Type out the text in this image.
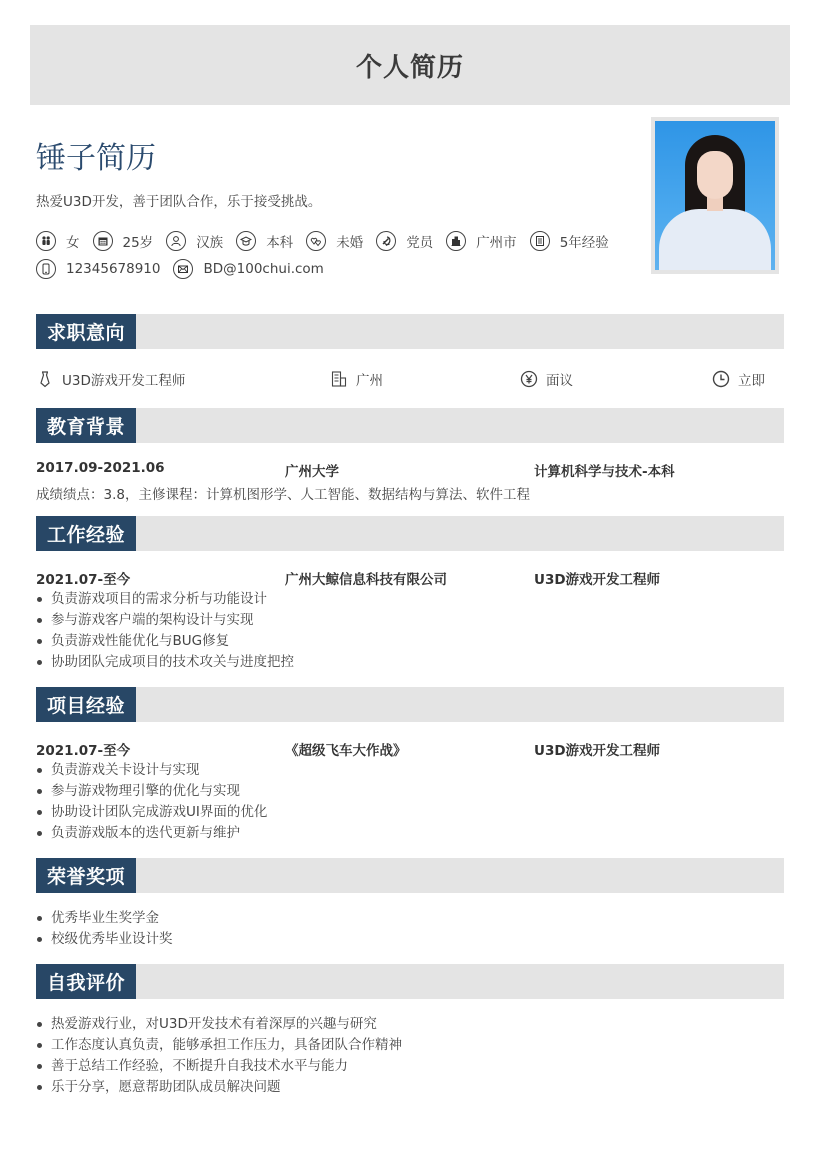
个人简历
锤子简历
热爱U3D开发，善于团队合作，乐于接受挑战。
女	25岁	汉族	本科	未婚	党员	广州市	5年经验
12345678910	BD@100chui.com
求职意向
U3D游戏开发工程师	广州	面议	立即
教育背景
2017.09-2021.06	广州大学	计算机科学与技术-本科
成绩绩点：3.8，主修课程：计算机图形学、人工智能、数据结构与算法、软件工程
工作经验
2021.07-至今	广州大鲸信息科技有限公司	U3D游戏开发工程师
负责游戏项目的需求分析与功能设计
参与游戏客户端的架构设计与实现
负责游戏性能优化与BUG修复
协助团队完成项目的技术攻关与进度把控
项目经验
2021.07-至今	《超级飞车大作战》	U3D游戏开发工程师
负责游戏关卡设计与实现
参与游戏物理引擎的优化与实现
协助设计团队完成游戏UI界面的优化
负责游戏版本的迭代更新与维护
荣誉奖项
优秀毕业生奖学金
校级优秀毕业设计奖
自我评价
热爱游戏行业，对U3D开发技术有着深厚的兴趣与研究
工作态度认真负责，能够承担工作压力，具备团队合作精神
善于总结工作经验，不断提升自我技术水平与能力
乐于分享，愿意帮助团队成员解决问题
